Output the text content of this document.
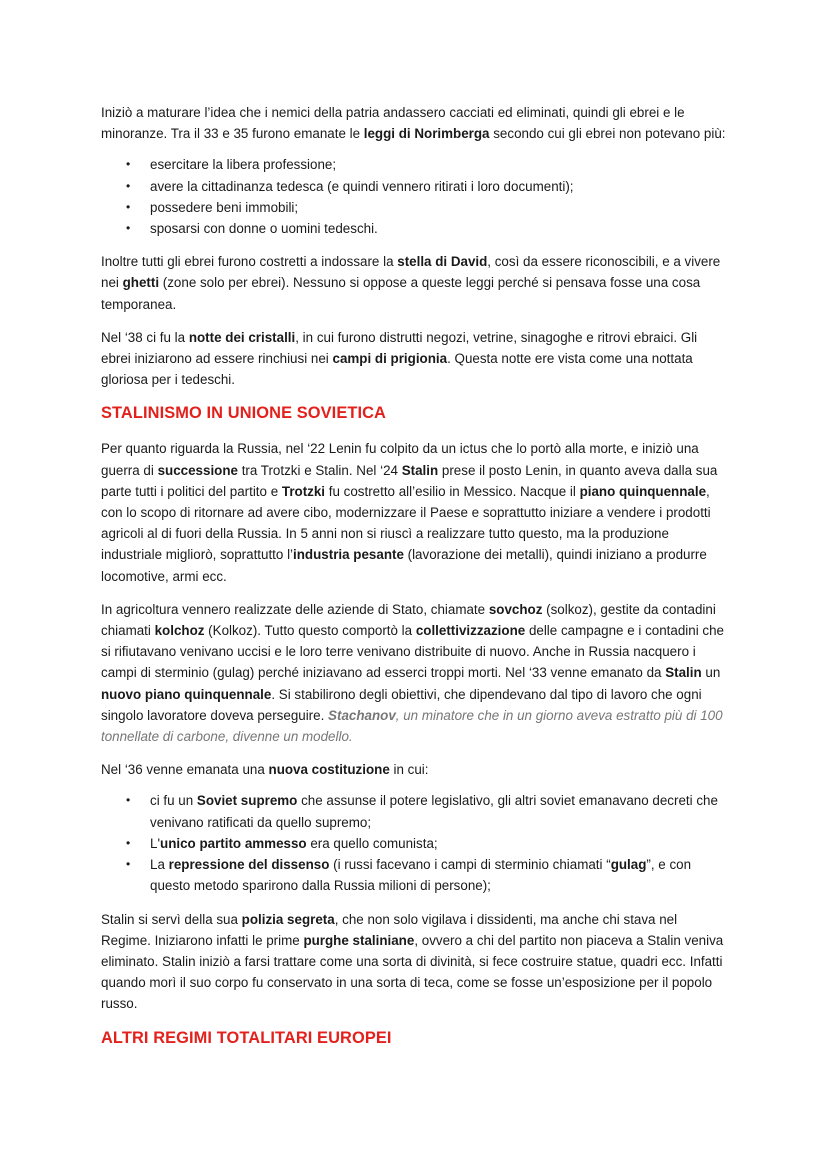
Iniziò a maturare l’idea che i nemici della patria andassero cacciati ed eliminati, quindi gli ebrei e le minoranze. Tra il 33 e 35 furono emanate le leggi di Norimberga secondo cui gli ebrei non potevano più:

• esercitare la libera professione;
• avere la cittadinanza tedesca (e quindi vennero ritirati i loro documenti);
• possedere beni immobili;
• sposarsi con donne o uomini tedeschi.

Inoltre tutti gli ebrei furono costretti a indossare la stella di David, così da essere riconoscibili, e a vivere nei ghetti (zone solo per ebrei). Nessuno si oppose a queste leggi perché si pensava fosse una cosa temporanea.

Nel ‘38 ci fu la notte dei cristalli, in cui furono distrutti negozi, vetrine, sinagoghe e ritrovi ebraici. Gli ebrei iniziarono ad essere rinchiusi nei campi di prigionia. Questa notte ere vista come una nottata gloriosa per i tedeschi.

STALINISMO IN UNIONE SOVIETICA

Per quanto riguarda la Russia, nel ‘22 Lenin fu colpito da un ictus che lo portò alla morte, e iniziò una guerra di successione tra Trotzki e Stalin. Nel ‘24 Stalin prese il posto Lenin, in quanto aveva dalla sua parte tutti i politici del partito e Trotzki fu costretto all’esilio in Messico. Nacque il piano quinquennale, con lo scopo di ritornare ad avere cibo, modernizzare il Paese e soprattutto iniziare a vendere i prodotti agricoli al di fuori della Russia. In 5 anni non si riuscì a realizzare tutto questo, ma la produzione industriale migliorò, soprattutto l’industria pesante (lavorazione dei metalli), quindi iniziano a produrre locomotive, armi ecc.

In agricoltura vennero realizzate delle aziende di Stato, chiamate sovchoz (solkoz), gestite da contadini chiamati kolchoz (Kolkoz). Tutto questo comportò la collettivizzazione delle campagne e i contadini che si rifiutavano venivano uccisi e le loro terre venivano distribuite di nuovo. Anche in Russia nacquero i campi di sterminio (gulag) perché iniziavano ad esserci troppi morti. Nel ‘33 venne emanato da Stalin un nuovo piano quinquennale. Si stabilirono degli obiettivi, che dipendevano dal tipo di lavoro che ogni singolo lavoratore doveva perseguire. Stachanov, un minatore che in un giorno aveva estratto più di 100 tonnellate di carbone, divenne un modello.

Nel ‘36 venne emanata una nuova costituzione in cui:

• ci fu un Soviet supremo che assunse il potere legislativo, gli altri soviet emanavano decreti che venivano ratificati da quello supremo;
• L'unico partito ammesso era quello comunista;
• La repressione del dissenso (i russi facevano i campi di sterminio chiamati “gulag”, e con questo metodo sparirono dalla Russia milioni di persone);

Stalin si servì della sua polizia segreta, che non solo vigilava i dissidenti, ma anche chi stava nel Regime. Iniziarono infatti le prime purghe staliniane, ovvero a chi del partito non piaceva a Stalin veniva eliminato. Stalin iniziò a farsi trattare come una sorta di divinità, si fece costruire statue, quadri ecc. Infatti quando morì il suo corpo fu conservato in una sorta di teca, come se fosse un’esposizione per il popolo russo.

ALTRI REGIMI TOTALITARI EUROPEI
